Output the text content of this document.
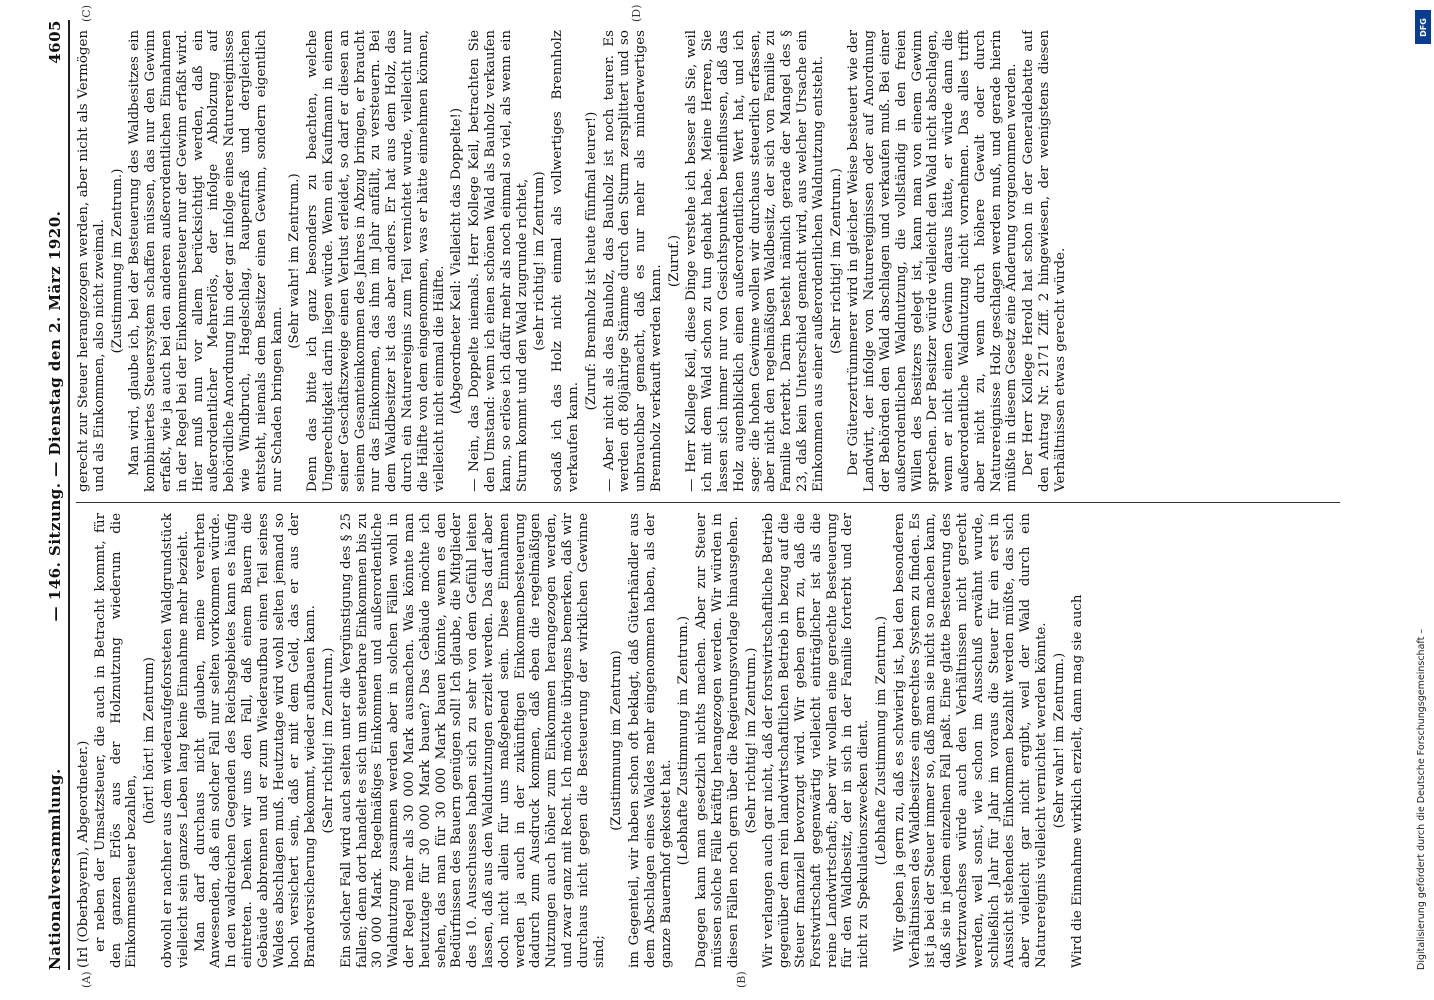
Nationalversammlung.
— 146. Sitzung. — Dienstag den 2. März 1920.
4605
(A)	(B)
(C)	(D)

(Irl (Oberbayern), Abgeordneter.) er neben der Umsatzsteuer, die auch in Betracht kommt, für den ganzen Erlös aus der Holznutzung wiederum die Einkommensteuer bezahlen,

(hört! hört! im Zentrum) obwohl er nachher aus dem wiederaufgeforsteten Waldgrundstück vielleicht sein ganzes Leben lang keine Einnahme mehr bezieht. Man darf durchaus nicht glauben, meine verehrten Anwesenden, daß ein solcher Fall nur selten vorkommen würde. In den waldreichen Gegenden des Reichsgebietes kann es häufig eintreten. Denken wir uns den Fall, daß einem Bauern die Gebäude abbrennen und er zum Wiederaufbau einen Teil seines Waldes abschlagen muß. Heutzutage wird wohl selten jemand so hoch versichert sein, daß er mit dem Geld, das er aus der Brandversicherung bekommt, wieder aufbauen kann. (Sehr richtig! im Zentrum.) Ein solcher Fall wird auch selten unter die Vergünstigung des § 25 fallen; denn dort handelt es sich um steuerbare Einkommen bis zu 30 000 Mark. Regelmäßiges Einkommen und außerordentliche Waldnutzung zusammen werden aber in solchen Fällen wohl in der Regel mehr als 30 000 Mark ausmachen. Was könnte man heutzutage für 30 000 Mark bauen? Das Gebäude möchte ich sehen, das man für 30 000 Mark bauen könnte, wenn es den Bedürfnissen des Bauern genügen soll! Ich glaube, die Mitglieder des 10. Ausschusses haben sich zu sehr von dem Gefühl leiten lassen, daß aus den Waldnutzungen erzielt werden. Das darf aber doch nicht allein für uns maßgebend sein. Diese Einnahmen werden ja auch in der zukünftigen Einkommenbesteuerung dadurch zum Ausdruck kommen, daß eben die regelmäßigen Nutzungen auch höher zum Einkommen herangezogen werden, und zwar ganz mit Recht. Ich möchte übrigens bemerken, daß wir durchaus nicht gegen die Besteuerung der wirklichen Gewinne sind;

(Zustimmung im Zentrum) im Gegenteil, wir haben schon oft beklagt, daß Güterhändler aus dem Abschlagen eines Waldes mehr eingenommen haben, als der ganze Bauernhof gekostet hat. (Lebhafte Zustimmung im Zentrum.) Dagegen kann man gesetzlich nichts machen. Aber zur Steuer müssen solche Fälle kräftig herangezogen werden. Wir würden in diesen Fällen noch gern über die Regierungsvorlage hinausgehen. (Sehr richtig! im Zentrum.) Wir verlangen auch gar nicht, daß der forstwirtschaftliche Betrieb gegenüber dem rein landwirtschaftlichen Betrieb in bezug auf die Steuer finanziell bevorzugt wird. Wir geben gern zu, daß die Forstwirtschaft gegenwärtig vielleicht einträglicher ist als die reine Landwirtschaft; aber wir wollen eine gerechte Besteuerung für den Waldbesitz, der in sich in der Familie forterbt und der nicht zu Spekulationszwecken dient. (Lebhafte Zustimmung im Zentrum.) Wir geben ja gern zu, daß es schwierig ist, bei den besonderen Verhältnissen des Waldbesitzes ein gerechtes System zu finden. Es ist ja bei der Steuer immer so, daß man sie nicht so machen kann, daß sie in jedem einzelnen Fall paßt. Eine glatte Besteuerung des Wertzuwachses würde auch den Verhältnissen nicht gerecht werden, weil sonst, wie schon im Ausschuß erwähnt wurde, schließlich Jahr für Jahr im voraus die Steuer für ein erst in Aussicht stehendes Einkommen bezahlt werden müßte, das sich aber vielleicht gar nicht ergibt, weil der Wald durch ein Naturereignis vielleicht vernichtet werden könnte. (Sehr wahr! im Zentrum.) Wird die Einnahme wirklich erzielt, dann mag sie auch

gerecht zur Steuer herangezogen werden, aber nicht als Vermögen und als Einkommen, also nicht zweimal. (Zustimmung im Zentrum.) Man wird, glaube ich, bei der Besteuerung des Waldbesitzes ein kombiniertes Steuersystem schaffen müssen, das nur den Gewinn erfaßt, wie ja auch bei den anderen außerordentlichen Einnahmen in der Regel bei der Einkommensteuer nur der Gewinn erfaßt wird. Hier muß nun vor allem berücksichtigt werden, daß ein außerordentlicher Mehrerlös, der infolge Abholzung auf behördliche Anordnung hin oder gar infolge eines Naturereignisses wie Windbruch, Hagelschlag, Raupenfraß und dergleichen entsteht, niemals dem Besitzer einen Gewinn, sondern eigentlich nur Schaden bringen kann.

(Sehr wahr! im Zentrum.) Denn das bitte ich ganz besonders zu beachten, welche Ungerechtigkeit darin liegen würde. Wenn ein Kaufmann in einem seiner Geschäftszweige einen Verlust erleidet, so darf er diesen an seinem Gesamteinkommen des Jahres in Abzug bringen, er braucht nur das Einkommen, das ihm im Jahr anfällt, zu versteuern. Bei dem Waldbesitzer ist das aber anders. Er hat aus dem Holz, das durch ein Naturereignis zum Teil vernichtet wurde, vielleicht nur die Hälfte von dem eingenommen, was er hätte einnehmen können, vielleicht nicht einmal die Hälfte. (Abgeordneter Keil: Vielleicht das Doppelte!) — Nein, das Doppelte niemals. Herr Kollege Keil, betrachten Sie den Umstand: wenn ich einen schönen Wald als Bauholz verkaufen kann, so erlöse ich dafür mehr als noch einmal so viel, als wenn ein Sturm kommt und den Wald zugrunde richtet, (sehr richtig! im Zentrum) sodaß ich das Holz nicht einmal als vollwertiges Brennholz verkaufen kann.

(Zuruf: Brennholz ist heute fünfmal teurer!) — Aber nicht als das Bauholz, das Bauholz ist noch teurer. Es werden oft 80jährige Stämme durch den Sturm zersplittert und so unbrauchbar gemacht, daß es nur mehr als minderwertiges Brennholz verkauft werden kann.

(Zuruf.) — Herr Kollege Keil, diese Dinge verstehe ich besser als Sie, weil ich mit dem Wald schon zu tun gehabt habe. Meine Herren, Sie lassen sich immer nur von Gesichtspunkten beeinflussen, daß das Holz augenblicklich einen außerordentlichen Wert hat, und ich sage: die hohen Gewinne wollen wir durchaus steuerlich erfassen, aber nicht den regelmäßigen Waldbesitz, der sich von Familie zu Familie forterbt. Darin besteht nämlich gerade der Mangel des § 23, daß kein Unterschied gemacht wird, aus welcher Ursache ein Einkommen aus einer außerordentlichen Waldnutzung entsteht. (Sehr richtig! im Zentrum.) Der Güterzertrümmerer wird in gleicher Weise besteuert wie der Landwirt, der infolge von Naturereignissen oder auf Anordnung der Behörden den Wald abschlagen und verkaufen muß. Bei einer außerordentlichen Waldnutzung, die vollständig in den freien Willen des Besitzers gelegt ist, kann man von einem Gewinn sprechen. Der Besitzer würde vielleicht den Wald nicht abschlagen, wenn er nicht einen Gewinn daraus hätte, er würde dann die außerordentliche Waldnutzung nicht vornehmen. Das alles trifft aber nicht zu, wenn durch höhere Gewalt oder durch Naturereignisse Holz geschlagen werden muß, und gerade hierin müßte in diesem Gesetz eine Änderung vorgenommen werden. Der Herr Kollege Herold hat schon in der Generaldebatte auf den Antrag Nr. 2171 Ziff. 2 hingewiesen, der wenigstens diesen Verhältnissen etwas gerecht würde.

DFG
Digitalisierung gefördert durch die Deutsche Forschungsgemeinschaft –
